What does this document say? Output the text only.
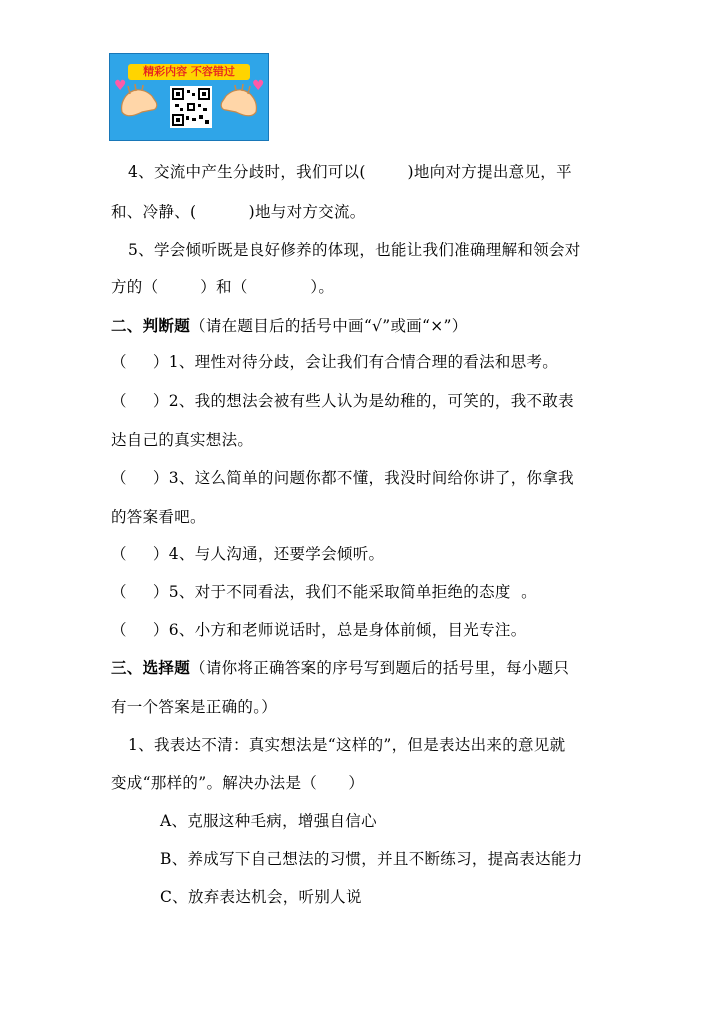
♥	♥
精彩内容 不容错过
4、交流中产生分歧时，我们可以(        )地向对方提出意见，平
和、冷静、(          )地与对方交流。
5、学会倾听既是良好修养的体现，也能让我们准确理解和领会对
方的（        ）和（            ）。
二、判断题（请在题目后的括号中画“√”或画“×”）
（     ）1、理性对待分歧，会让我们有合情合理的看法和思考。
（     ）2、我的想法会被有些人认为是幼稚的，可笑的，我不敢表
达自己的真实想法。
（     ）3、这么简单的问题你都不懂，我没时间给你讲了，你拿我
的答案看吧。
（     ）4、与人沟通，还要学会倾听。
（     ）5、对于不同看法，我们不能采取简单拒绝的态度  。
（     ）6、小方和老师说话时，总是身体前倾，目光专注。
三、选择题（请你将正确答案的序号写到题后的括号里，每小题只
有一个答案是正确的。）
1、我表达不清：真实想法是“这样的”，但是表达出来的意见就
变成“那样的”。解决办法是（      ）
A、克服这种毛病，增强自信心
B、养成写下自己想法的习惯，并且不断练习，提高表达能力
C、放弃表达机会，听别人说
